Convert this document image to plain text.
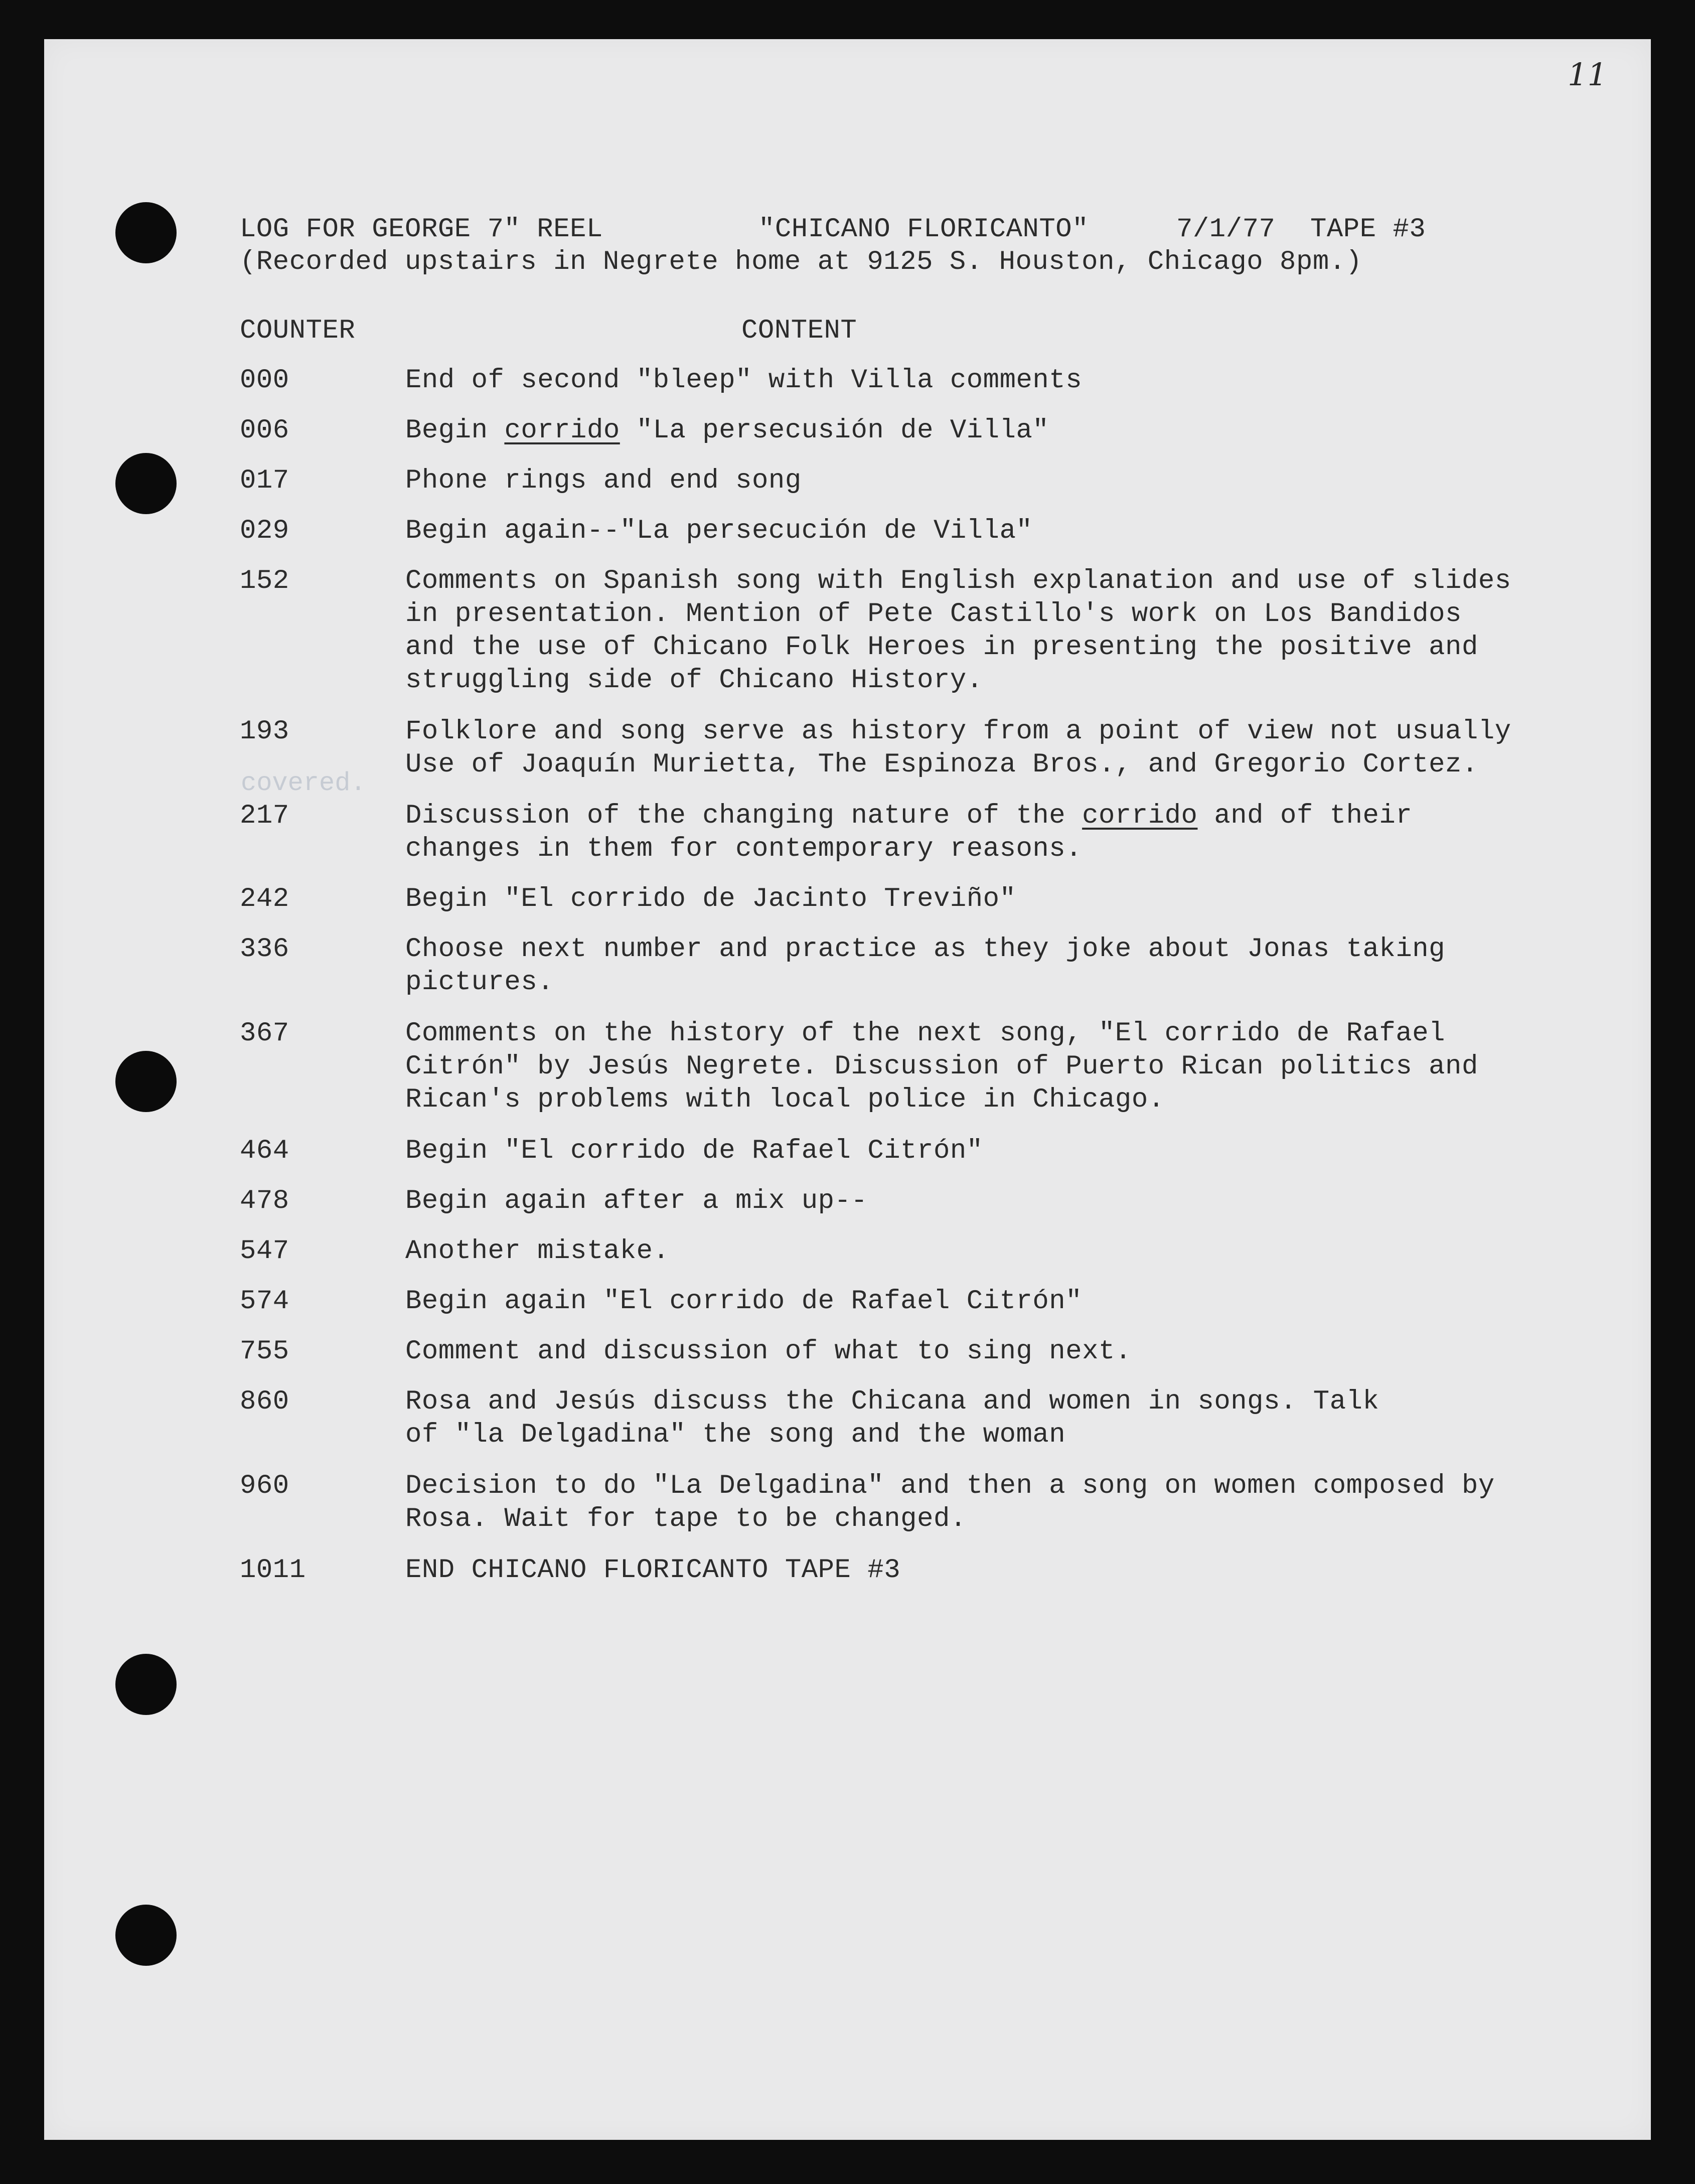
11
LOG FOR GEORGE 7" REEL	"CHICANO FLORICANTO"	7/1/77 TAPE #3
(Recorded upstairs in Negrete home at 9125 S. Houston, Chicago 8pm.)
COUNTER	CONTENT
covered.
000	End of second "bleep" with Villa comments
006	Begin corrido "La persecusión de Villa"
017	Phone rings and end song
029	Begin again--"La persecución de Villa"
152	Comments on Spanish song with English explanation and use of slides
in presentation. Mention of Pete Castillo's work on Los Bandidos
and the use of Chicano Folk Heroes in presenting the positive and
struggling side of Chicano History.
193	Folklore and song serve as history from a point of view not usually
Use of Joaquín Murietta, The Espinoza Bros., and Gregorio Cortez.
217	Discussion of the changing nature of the corrido and of their
changes in them for contemporary reasons.
242	Begin "El corrido de Jacinto Treviño"
336	Choose next number and practice as they joke about Jonas taking
pictures.
367	Comments on the history of the next song, "El corrido de Rafael
Citrón" by Jesús Negrete. Discussion of Puerto Rican politics and
Rican's problems with local police in Chicago.
464	Begin "El corrido de Rafael Citrón"
478	Begin again after a mix up--
547	Another mistake.
574	Begin again "El corrido de Rafael Citrón"
755	Comment and discussion of what to sing next.
860	Rosa and Jesús discuss the Chicana and women in songs. Talk
of "la Delgadina" the song and the woman
960	Decision to do "La Delgadina" and then a song on women composed by
Rosa. Wait for tape to be changed.
1011	END CHICANO FLORICANTO TAPE #3
